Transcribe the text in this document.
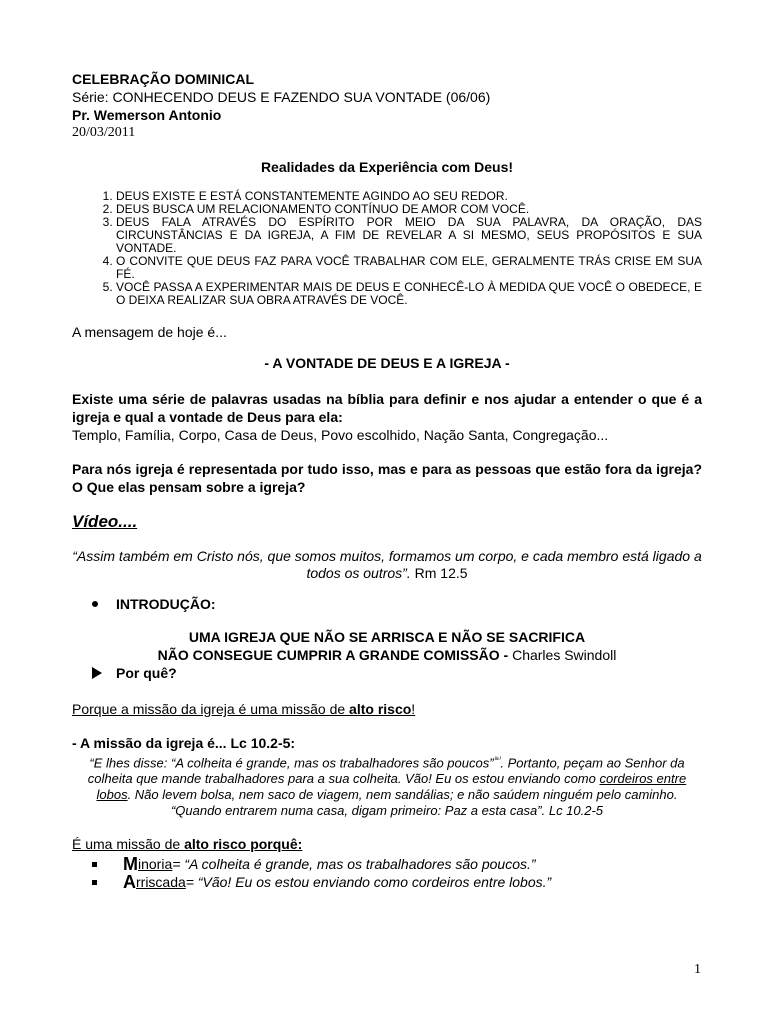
CELEBRAÇÃO DOMINICAL
Série: CONHECENDO DEUS E FAZENDO SUA VONTADE (06/06)
Pr. Wemerson Antonio
20/03/2011
Realidades da Experiência com Deus!
1. DEUS EXISTE E ESTÁ CONSTANTEMENTE AGINDO AO SEU REDOR.
2. DEUS BUSCA UM RELACIONAMENTO CONTÍNUO DE AMOR COM VOCÊ.
3. DEUS FALA ATRAVÉS DO ESPÍRITO POR MEIO DA SUA PALAVRA, DA ORAÇÃO, DAS CIRCUNSTÂNCIAS E DA IGREJA, A FIM DE REVELAR A SI MESMO, SEUS PROPÓSITOS E SUA VONTADE.
4. O CONVITE QUE DEUS FAZ PARA VOCÊ TRABALHAR COM ELE, GERALMENTE TRÁS CRISE EM SUA FÉ.
5. VOCÊ PASSA A EXPERIMENTAR MAIS DE DEUS E CONHECÊ-LO À MEDIDA QUE VOCÊ O OBEDECE, E O DEIXA REALIZAR SUA OBRA ATRAVÉS DE VOCÊ.
A mensagem de hoje é...
- A VONTADE DE DEUS E A IGREJA -
Existe uma série de palavras usadas na bíblia para definir e nos ajudar a entender o que é a igreja e qual a vontade de Deus para ela:
Templo, Família, Corpo, Casa de Deus, Povo escolhido, Nação Santa, Congregação...
Para nós igreja é representada por tudo isso, mas e para as pessoas que estão fora da igreja? O Que elas pensam sobre a igreja?
Vídeo....
“Assim também em Cristo nós, que somos muitos, formamos um corpo, e cada membro está ligado a todos os outros”. Rm 12.5
INTRODUÇÃO:
UMA IGREJA QUE NÃO SE ARRISCA E NÃO SE SACRIFICA
NÃO CONSEGUE CUMPRIR A GRANDE COMISSÃO - Charles Swindoll
Por quê?
Porque a missão da igreja é uma missão de alto risco!
- A missão da igreja é... Lc 10.2-5:
“E lhes disse: “A colheita é grande, mas os trabalhadores são poucos”$^{^(ᵃ^)}$. Portanto, peçam ao Senhor da colheita que mande trabalhadores para a sua colheita. Vão! Eu os estou enviando como cordeiros entre lobos. Não levem bolsa, nem saco de viagem, nem sandálias; e não saúdem ninguém pelo caminho. “Quando entrarem numa casa, digam primeiro: Paz a esta casa”. Lc 10.2-5
É uma missão de alto risco porquê:
M inoria = “A colheita é grande, mas os trabalhadores são poucos.”
A rriscada = “Vão! Eu os estou enviando como cordeiros entre lobos.”
1
